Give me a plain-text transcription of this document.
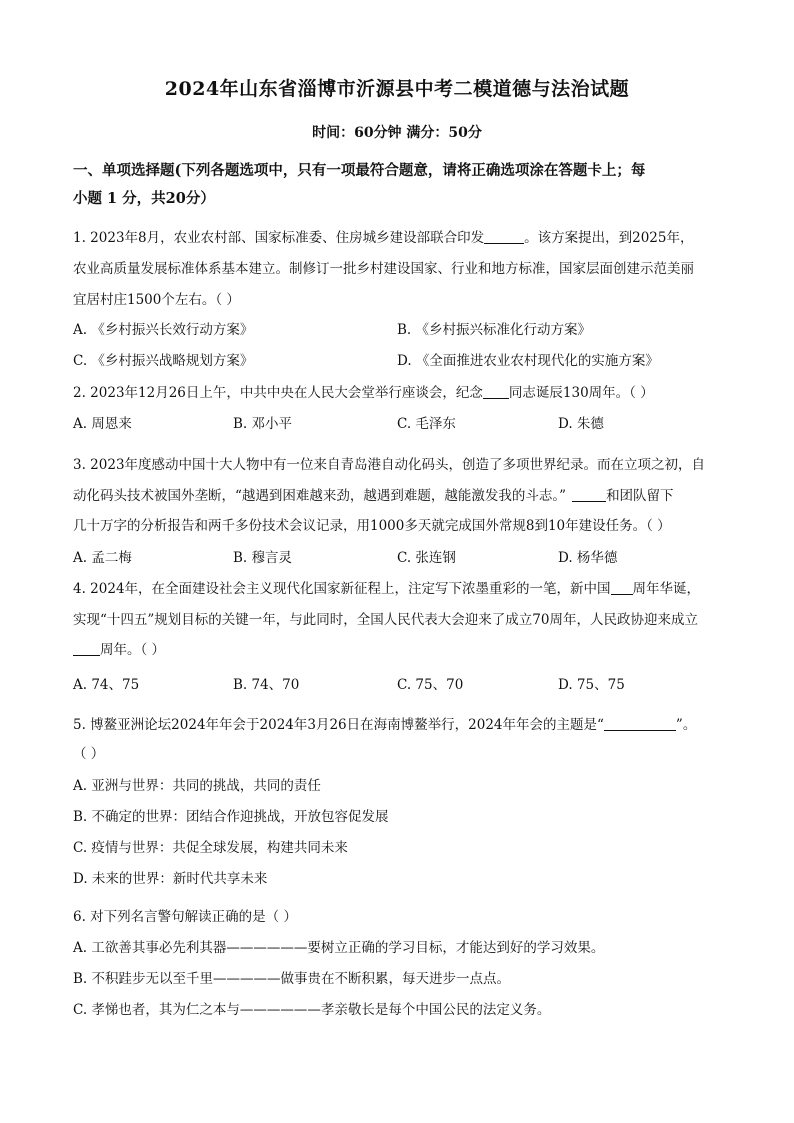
2024年山东省淄博市沂源县中考二模道德与法治试题
时间：60分钟 满分：50分
一、单项选择题(下列各题选项中，只有一项最符合题意，请将正确选项涂在答题卡上；每
小题 1 分，共20分）
1. 2023年8月，农业农村部、国家标准委、住房城乡建设部联合印发	。该方案提出，到2025年，
农业高质量发展标准体系基本建立。制修订一批乡村建设国家、行业和地方标准，国家层面创建示范美丽
宜居村庄1500个左右。（ ）
A. 《乡村振兴长效行动方案》	B. 《乡村振兴标准化行动方案》
C. 《乡村振兴战略规划方案》	D. 《全面推进农业农村现代化的实施方案》
2. 2023年12月26日上午，中共中央在人民大会堂举行座谈会，纪念 同志诞辰130周年。（ ）
A. 周恩来	B. 邓小平	C. 毛泽东	D. 朱德
3. 2023年度感动中国十大人物中有一位来自青岛港自动化码头，创造了多项世界纪录。而在立项之初，自
动化码头技术被国外垄断，“越遇到困难越来劲，越遇到难题，越能激发我的斗志。”	和团队留下
几十万字的分析报告和两千多份技术会议记录，用1000多天就完成国外常规8到10年建设任务。（ ）
A. 孟二梅	B. 穆言灵	C. 张连钢	D. 杨华德
4. 2024年，在全面建设社会主义现代化国家新征程上，注定写下浓墨重彩的一笔，新中国 周年华诞，
实现“十四五”规划目标的关键一年，与此同时，全国人民代表大会迎来了成立70周年，人民政协迎来成立
周年。（ ）
A. 74、75	B. 74、70	C. 75、70	D. 75、75
5. 博鳌亚洲论坛2024年年会于2024年3月26日在海南博鳌举行，2024年年会的主题是“	”。
（ ）
A. 亚洲与世界：共同的挑战，共同的责任
B. 不确定的世界：团结合作迎挑战，开放包容促发展
C. 疫情与世界：共促全球发展，构建共同未来
D. 未来的世界：新时代共享未来
6. 对下列名言警句解读正确的是（ ）
A. 工欲善其事必先利其器——————要树立正确的学习目标，才能达到好的学习效果。
B. 不积跬步无以至千里—————做事贵在不断积累，每天进步一点点。
C. 孝悌也者，其为仁之本与——————孝亲敬长是每个中国公民的法定义务。
